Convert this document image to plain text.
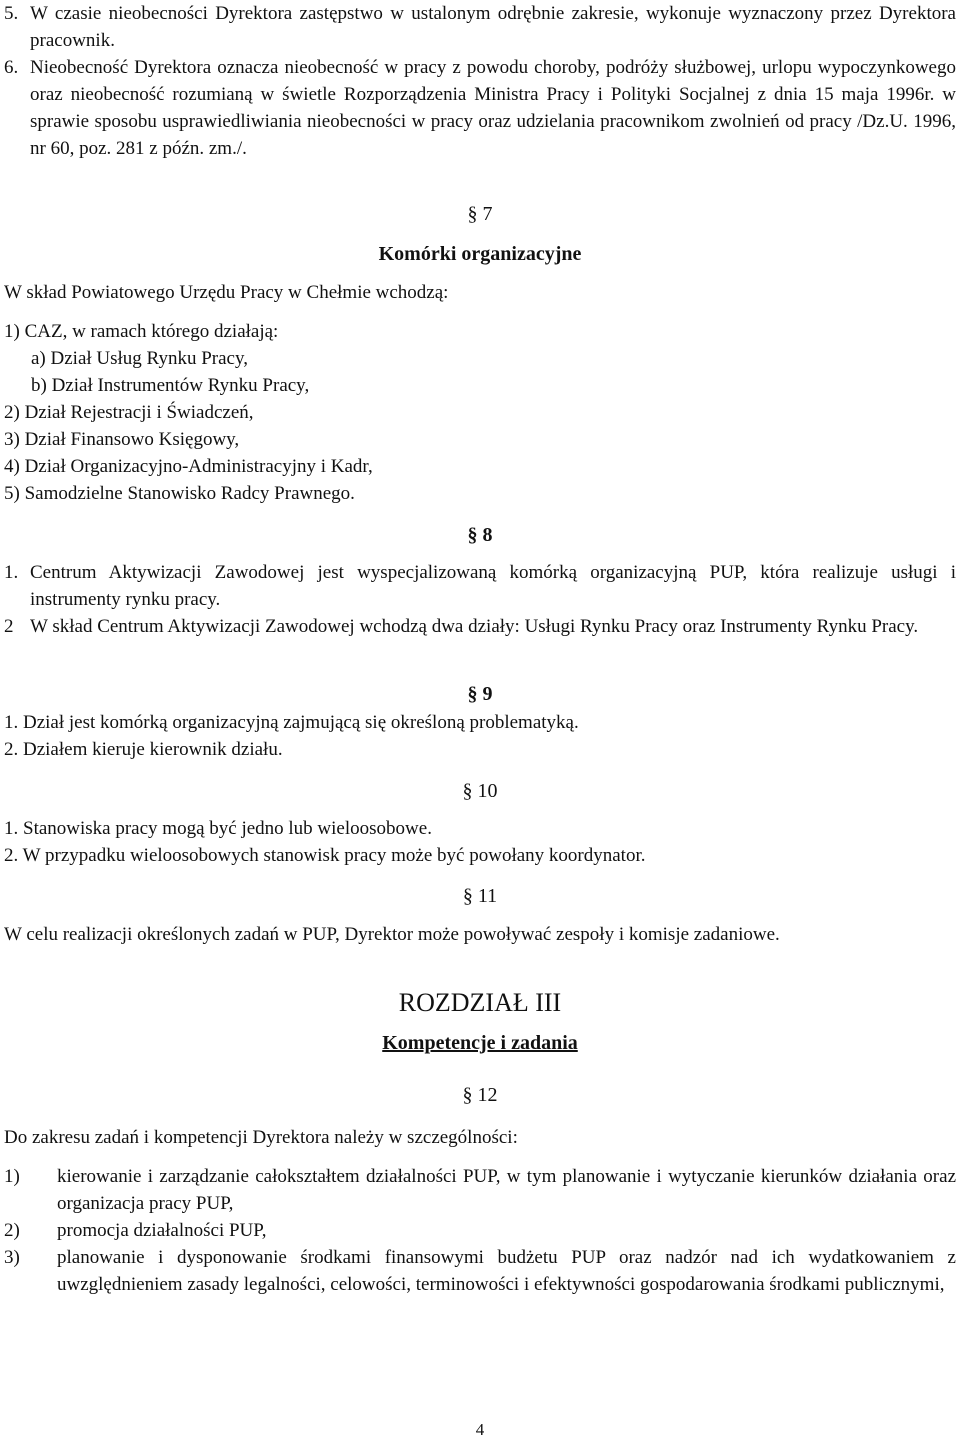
5. W czasie nieobecności Dyrektora zastępstwo w ustalonym odrębnie zakresie, wykonuje wyznaczony przez Dyrektora pracownik.
6. Nieobecność Dyrektora oznacza nieobecność w pracy z powodu choroby, podróży służbowej, urlopu wypoczynkowego oraz nieobecność rozumianą w świetle Rozporządzenia Ministra Pracy i Polityki Socjalnej z dnia 15 maja 1996r. w sprawie sposobu usprawiedliwiania nieobecności w pracy oraz udzielania pracownikom zwolnień od pracy /Dz.U. 1996, nr 60, poz. 281 z późn. zm./.

§ 7

Komórki organizacyjne

W skład Powiatowego Urzędu Pracy w Chełmie wchodzą:

1) CAZ, w ramach którego działają:
a) Dział Usług Rynku Pracy,
b) Dział Instrumentów Rynku Pracy,
2) Dział Rejestracji i Świadczeń,
3) Dział Finansowo Księgowy,
4) Dział Organizacyjno-Administracyjny i Kadr,
5) Samodzielne Stanowisko Radcy Prawnego.

§ 8

1. Centrum Aktywizacji Zawodowej jest wyspecjalizowaną komórką organizacyjną PUP, która realizuje usługi i instrumenty rynku pracy.
2 W skład Centrum Aktywizacji Zawodowej wchodzą dwa działy: Usługi Rynku Pracy oraz Instrumenty Rynku Pracy.

§ 9

1. Dział jest komórką organizacyjną zajmującą się określoną problematyką.
2. Działem kieruje kierownik działu.

§ 10

1. Stanowiska pracy mogą być jedno lub wieloosobowe.
2. W przypadku wieloosobowych stanowisk pracy może być powołany koordynator.

§ 11

W celu realizacji określonych zadań w PUP, Dyrektor może powoływać zespoły i komisje zadaniowe.

ROZDZIAŁ III

Kompetencje i zadania

§ 12

Do zakresu zadań i kompetencji Dyrektora należy w szczególności:

1)	kierowanie i zarządzanie całokształtem działalności PUP, w tym planowanie i wytyczanie kierunków działania oraz organizacja pracy PUP,
2)	promocja działalności PUP,
3)	planowanie i dysponowanie środkami finansowymi budżetu PUP oraz nadzór nad ich wydatkowaniem z uwzględnieniem zasady legalności, celowości, terminowości i efektywności gospodarowania środkami publicznymi,

4
